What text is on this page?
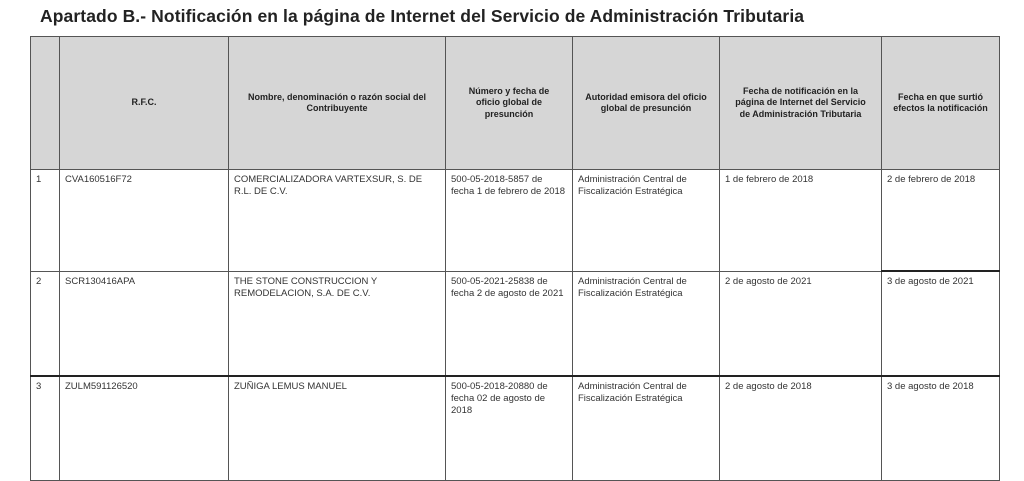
Apartado B.- Notificación en la página de Internet del Servicio de Administración Tributaria

	R.F.C.	Nombre, denominación o razón social del Contribuyente	Número y fecha de oficio global de presunción	Autoridad emisora del oficio global de presunción	Fecha de notificación en la página de Internet del Servicio de Administración Tributaria	Fecha en que surtió efectos la notificación

1	CVA160516F72	COMERCIALIZADORA VARTEXSUR, S. DE R.L. DE C.V.	500-05-2018-5857 de fecha 1 de febrero de 2018	Administración Central de Fiscalización Estratégica	1 de febrero de 2018	2 de febrero de 2018

2	SCR130416APA	THE STONE CONSTRUCCION Y REMODELACION, S.A. DE C.V.	500-05-2021-25838 de fecha 2 de agosto de 2021	Administración Central de Fiscalización Estratégica	2 de agosto de 2021	3 de agosto de 2021

3	ZULM591126520	ZUÑIGA LEMUS MANUEL	500-05-2018-20880 de fecha 02 de agosto de 2018	Administración Central de Fiscalización Estratégica	2 de agosto de 2018	3 de agosto de 2018
